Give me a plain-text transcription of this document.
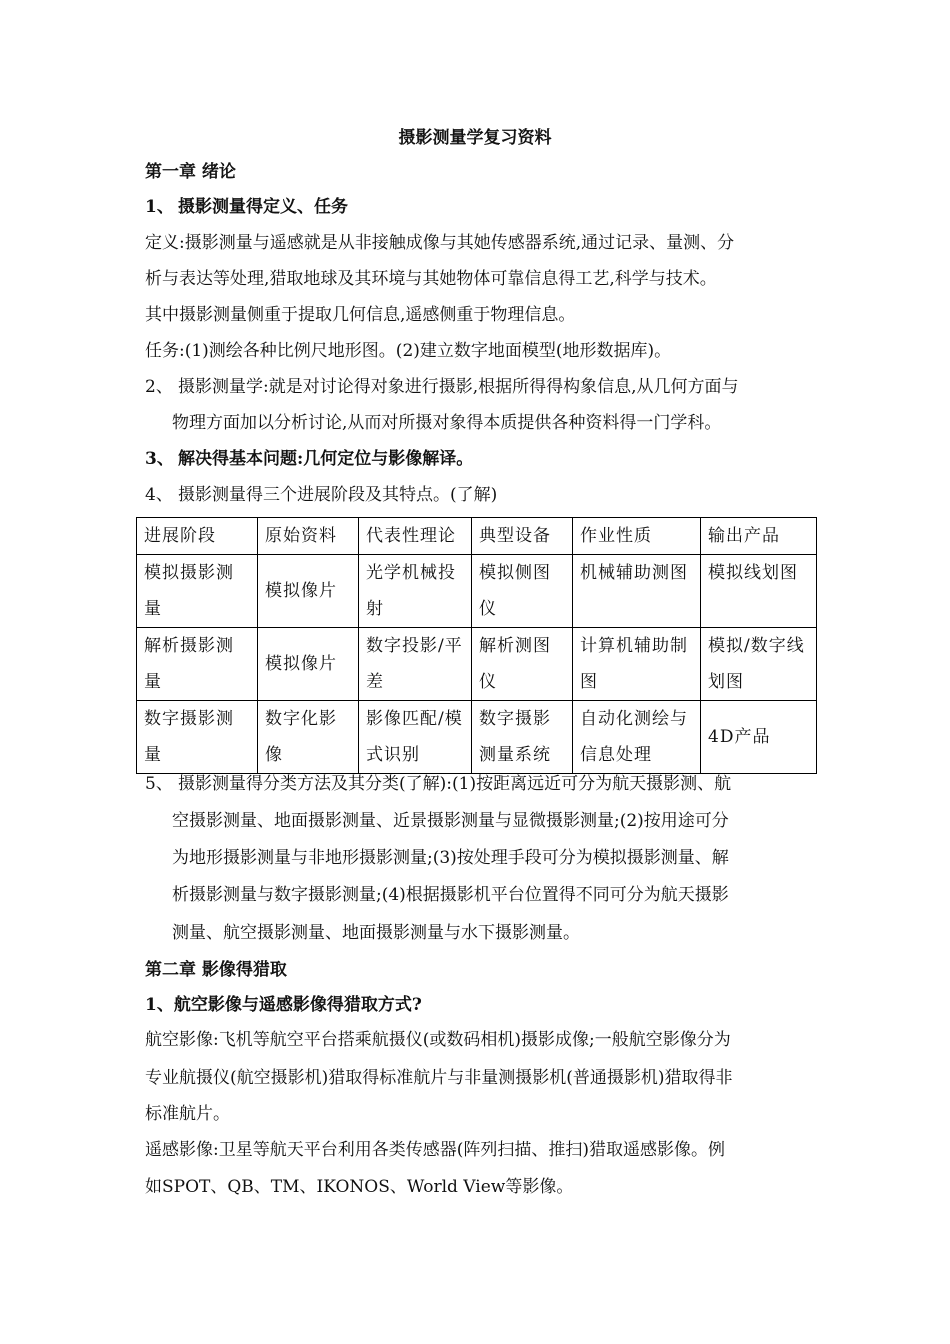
摄影测量学复习资料
第一章 绪论
1、 摄影测量得定义、任务
定义:摄影测量与遥感就是从非接触成像与其她传感器系统,通过记录、量测、分
析与表达等处理,猎取地球及其环境与其她物体可靠信息得工艺,科学与技术。
其中摄影测量侧重于提取几何信息,遥感侧重于物理信息。
任务:(1)测绘各种比例尺地形图。(2)建立数字地面模型(地形数据库)。
2、 摄影测量学:就是对讨论得对象进行摄影,根据所得得构象信息,从几何方面与
物理方面加以分析讨论,从而对所摄对象得本质提供各种资料得一门学科。
3、 解决得基本问题:几何定位与影像解译。
4、 摄影测量得三个进展阶段及其特点。(了解)
进展阶段	原始资料	代表性理论	典型设备	作业性质	输出产品
模拟摄影测量	模拟像片	光学机械投射	模拟侧图仪	机械辅助测图	模拟线划图
解析摄影测量	模拟像片	数字投影/平差	解析测图仪	计算机辅助制图	模拟/数字线划图
数字摄影测量	数字化影像	影像匹配/模式识别	数字摄影测量系统	自动化测绘与信息处理	4D产品
5、 摄影测量得分类方法及其分类(了解):(1)按距离远近可分为航天摄影测、航
空摄影测量、地面摄影测量、近景摄影测量与显微摄影测量;(2)按用途可分
为地形摄影测量与非地形摄影测量;(3)按处理手段可分为模拟摄影测量、解
析摄影测量与数字摄影测量;(4)根据摄影机平台位置得不同可分为航天摄影
测量、航空摄影测量、地面摄影测量与水下摄影测量。
第二章 影像得猎取
1、航空影像与遥感影像得猎取方式?
航空影像:飞机等航空平台搭乘航摄仪(或数码相机)摄影成像;一般航空影像分为
专业航摄仪(航空摄影机)猎取得标准航片与非量测摄影机(普通摄影机)猎取得非
标准航片。
遥感影像:卫星等航天平台利用各类传感器(阵列扫描、推扫)猎取遥感影像。例
如SPOT、QB、TM、IKONOS、World View等影像。
